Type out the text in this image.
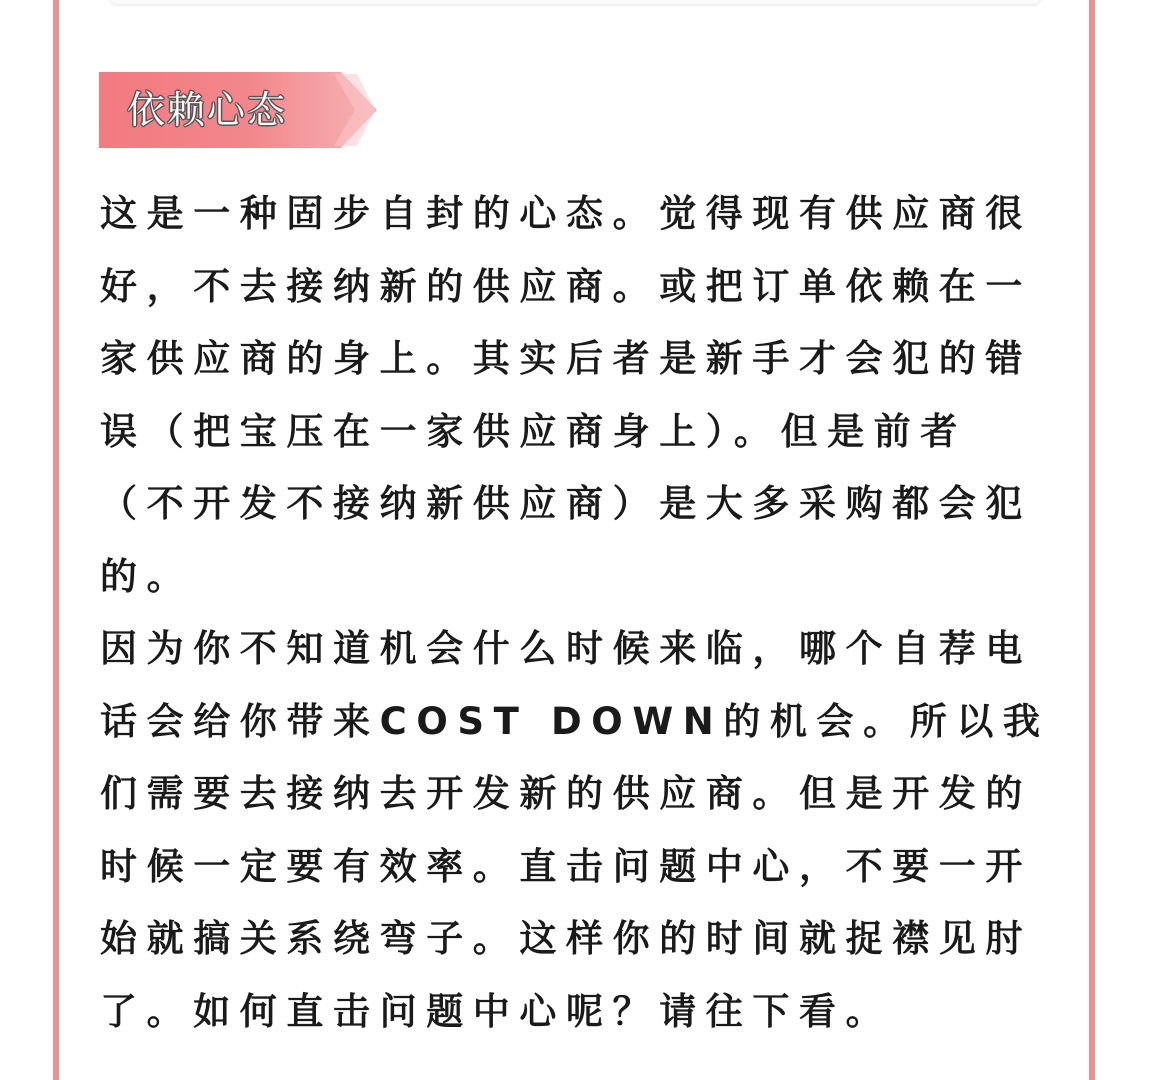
依赖心态

这是一种固步自封的心态。觉得现有供应商很好，不去接纳新的供应商。或把订单依赖在一家供应商的身上。其实后者是新手才会犯的错误（把宝压在一家供应商身上）。但是前者（不开发不接纳新供应商）是大多采购都会犯的。

因为你不知道机会什么时候来临，哪个自荐电话会给你带来COST DOWN的机会。所以我们需要去接纳去开发新的供应商。但是开发的时候一定要有效率。直击问题中心，不要一开始就搞关系绕弯子。这样你的时间就捉襟见肘了。如何直击问题中心呢？请往下看。
